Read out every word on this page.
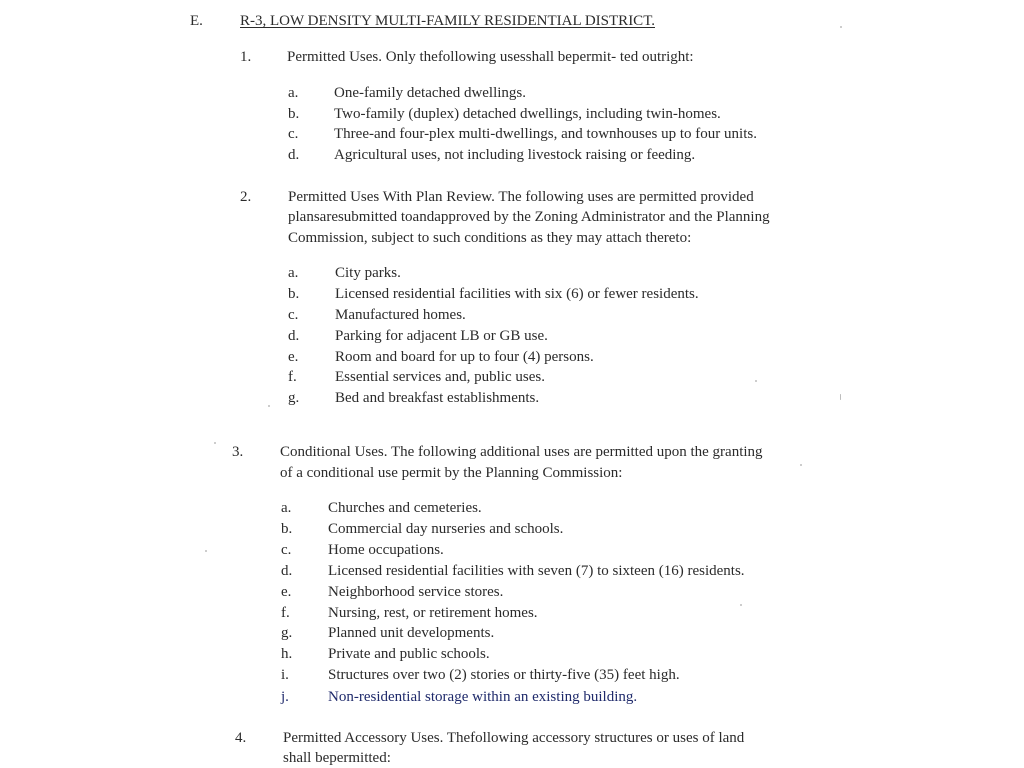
E. R-3, LOW DENSITY MULTI-FAMILY RESIDENTIAL DISTRICT.
1.	Permitted Uses. Only thefollowing usesshall bepermit- ted outright:
a.	One-family detached dwellings.
b.	Two-family (duplex) detached dwellings, including twin-homes.
c.	Three-and four-plex multi-dwellings, and townhouses up to four units.
d.	Agricultural uses, not including livestock raising or feeding.
2.	Permitted Uses With Plan Review. The following uses are permitted provided
plansaresubmitted toandapproved by the Zoning Administrator and the Planning
Commission, subject to such conditions as they may attach thereto:
a.	City parks.
b.	Licensed residential facilities with six (6) or fewer residents.
c.	Manufactured homes.
d.	Parking for adjacent LB or GB use.
e.	Room and board for up to four (4) persons.
f.	Essential services and, public uses.
g.	Bed and breakfast establishments.
3.	Conditional Uses. The following additional uses are permitted upon the granting
of a conditional use permit by the Planning Commission:
a.	Churches and cemeteries.
b.	Commercial day nurseries and schools.
c.	Home occupations.
d.	Licensed residential facilities with seven (7) to sixteen (16) residents.
e.	Neighborhood service stores.
f.	Nursing, rest, or retirement homes.
g.	Planned unit developments.
h.	Private and public schools.
i.	Structures over two (2) stories or thirty-five (35) feet high.
j.	Non-residential storage within an existing building.
4.	Permitted Accessory Uses. Thefollowing accessory structures or uses of land
shall bepermitted:
